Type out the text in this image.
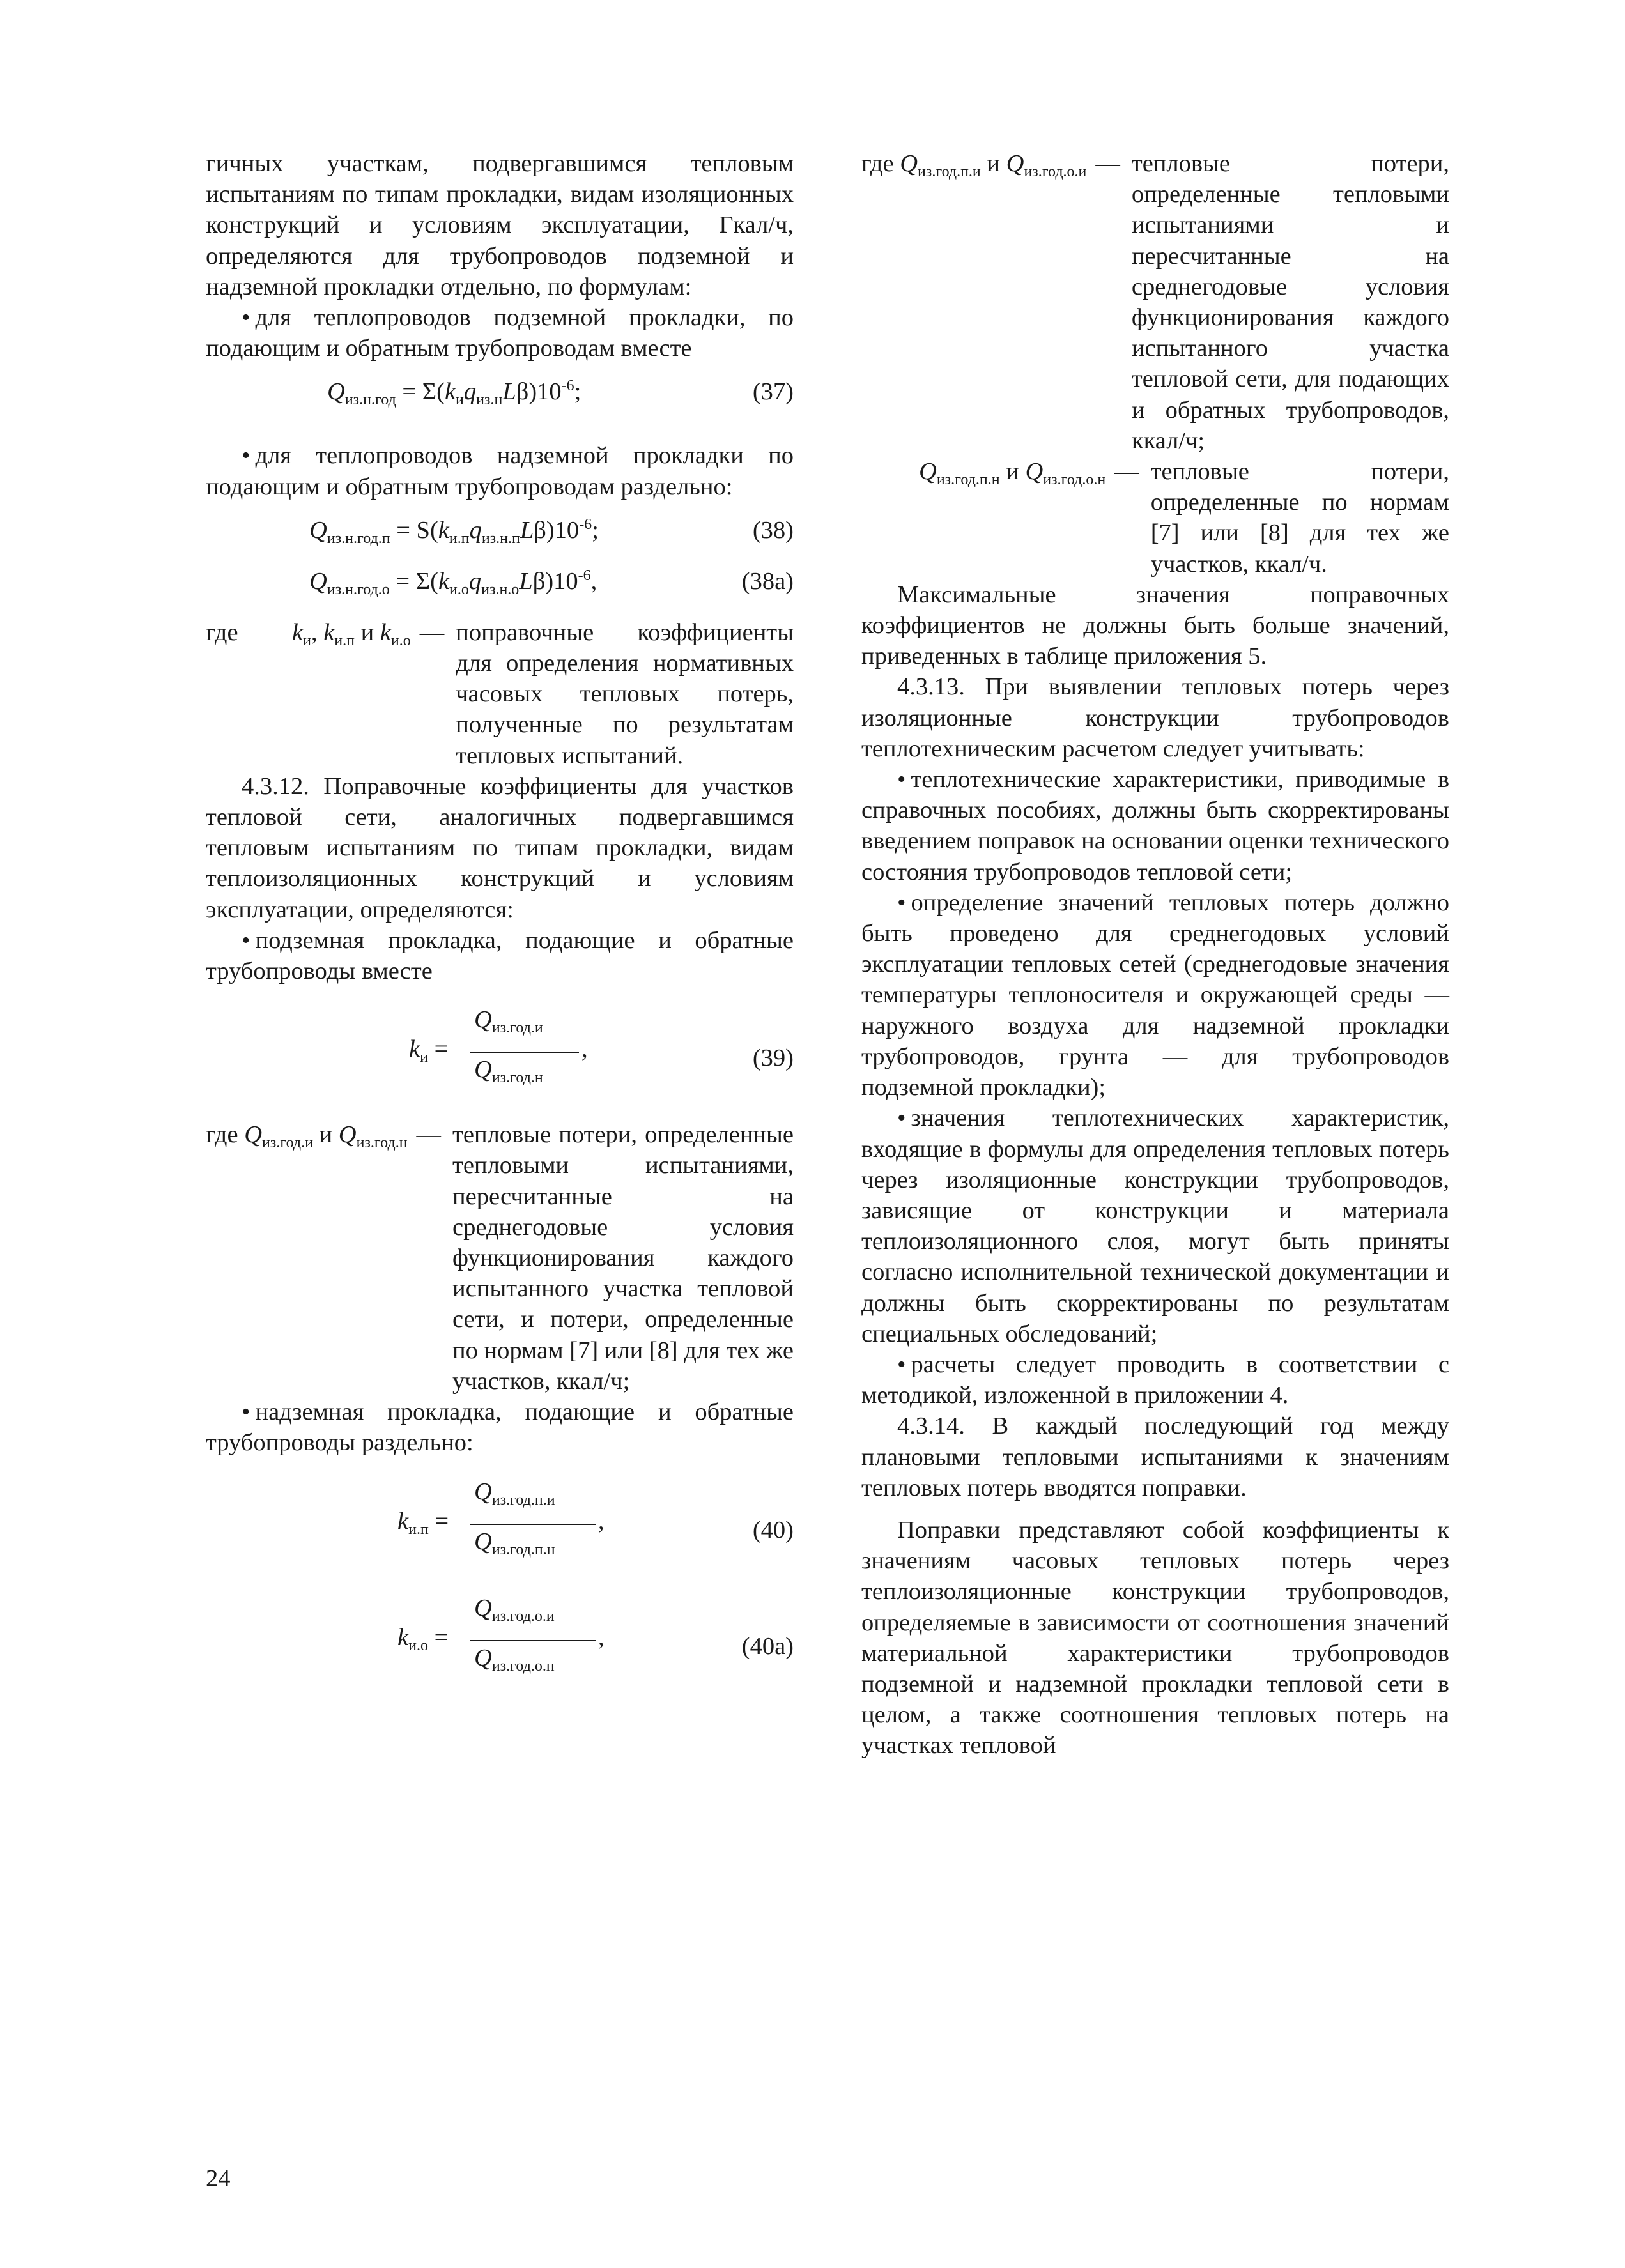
гичных участкам, подвергавшимся тепловым испытаниям по типам прокладки, видам изоляционных конструкций и условиям эксплуатации, Гкал/ч, определяются для трубопроводов подземной и надземной прокладки отдельно, по формулам:

• для теплопроводов подземной прокладки, по подающим и обратным трубопроводам вместе

$Q_{из.н.год} = \Sigma(k_иq_{из.н}L\beta)10^{-6}$;	(37)

• для теплопроводов надземной прокладки по подающим и обратным трубопроводам раздельно:

$Q_{из.н.год.п} = S(k_{и.п}q_{из.н.п}L\beta)10^{-6}$;	(38)
$Q_{из.н.год.о} = \Sigma(k_{и.о}q_{из.н.о}L\beta)10^{-6}$,	(38а)
где	$k_и$, $k_{и.п}$ и $k_{и.о}$ — поправочные коэффициенты для определения нормативных часовых тепловых потерь, полученные по результатам тепловых испытаний.

4.3.12. Поправочные коэффициенты для участков тепловой сети, аналогичных подвергавшимся тепловым испытаниям по типам прокладки, видам теплоизоляционных конструкций и условиям эксплуатации, определяются:

• подземная прокладка, подающие и обратные трубопроводы вместе

$k_и$ =
$Q_{из.год.и}$
$Q_{из.год.н}$
,	(39)
где $Q_{из.год.и}$ и $Q_{из.год.н}$ — тепловые потери, определенные тепловыми испытаниями, пересчитанные на среднегодовые условия функционирования каждого испытанного участка тепловой сети, и потери, определенные по нормам [7] или [8] для тех же участков, ккал/ч;

• надземная прокладка, подающие и обратные трубопроводы раздельно:

$k_{и.п}$ =
$Q_{из.год.п.и}$
$Q_{из.год.п.н}$
,	(40)
$k_{и.о}$ =
$Q_{из.год.о.и}$
$Q_{из.год.о.н}$
,	(40а)
где $Q_{из.год.п.и}$ и $Q_{из.год.о.и}$ — тепловые потери, определенные тепловыми испытаниями и пересчитанные на среднегодовые условия функционирования каждого испытанного участка тепловой сети, для подающих и обратных трубопроводов, ккал/ч;
$Q_{из.год.п.н}$ и $Q_{из.год.о.н}$ — тепловые потери, определенные по нормам [7] или [8] для тех же участков, ккал/ч.

Максимальные значения поправочных коэффициентов не должны быть больше значений, приведенных в таблице приложения 5.

4.3.13. При выявлении тепловых потерь через изоляционные конструкции трубопроводов теплотехническим расчетом следует учитывать:

• теплотехнические характеристики, приводимые в справочных пособиях, должны быть скорректированы введением поправок на основании оценки технического состояния трубопроводов тепловой сети;

• определение значений тепловых потерь должно быть проведено для среднегодовых условий эксплуатации тепловых сетей (среднегодовые значения температуры теплоносителя и окружающей среды — наружного воздуха для надземной прокладки трубопроводов, грунта — для трубопроводов подземной прокладки);

• значения теплотехнических характеристик, входящие в формулы для определения тепловых потерь через изоляционные конструкции трубопроводов, зависящие от конструкции и материала теплоизоляционного слоя, могут быть приняты согласно исполнительной технической документации и должны быть скорректированы по результатам специальных обследований;

• расчеты следует проводить в соответствии с методикой, изложенной в приложении 4.

4.3.14. В каждый последующий год между плановыми тепловыми испытаниями к значениям тепловых потерь вводятся поправки.

Поправки представляют собой коэффициенты к значениям часовых тепловых потерь через теплоизоляционные конструкции трубопроводов, определяемые в зависимости от соотношения значений материальной характеристики трубопроводов подземной и надземной прокладки тепловой сети в целом, а также соотношения тепловых потерь на участках тепловой

24
